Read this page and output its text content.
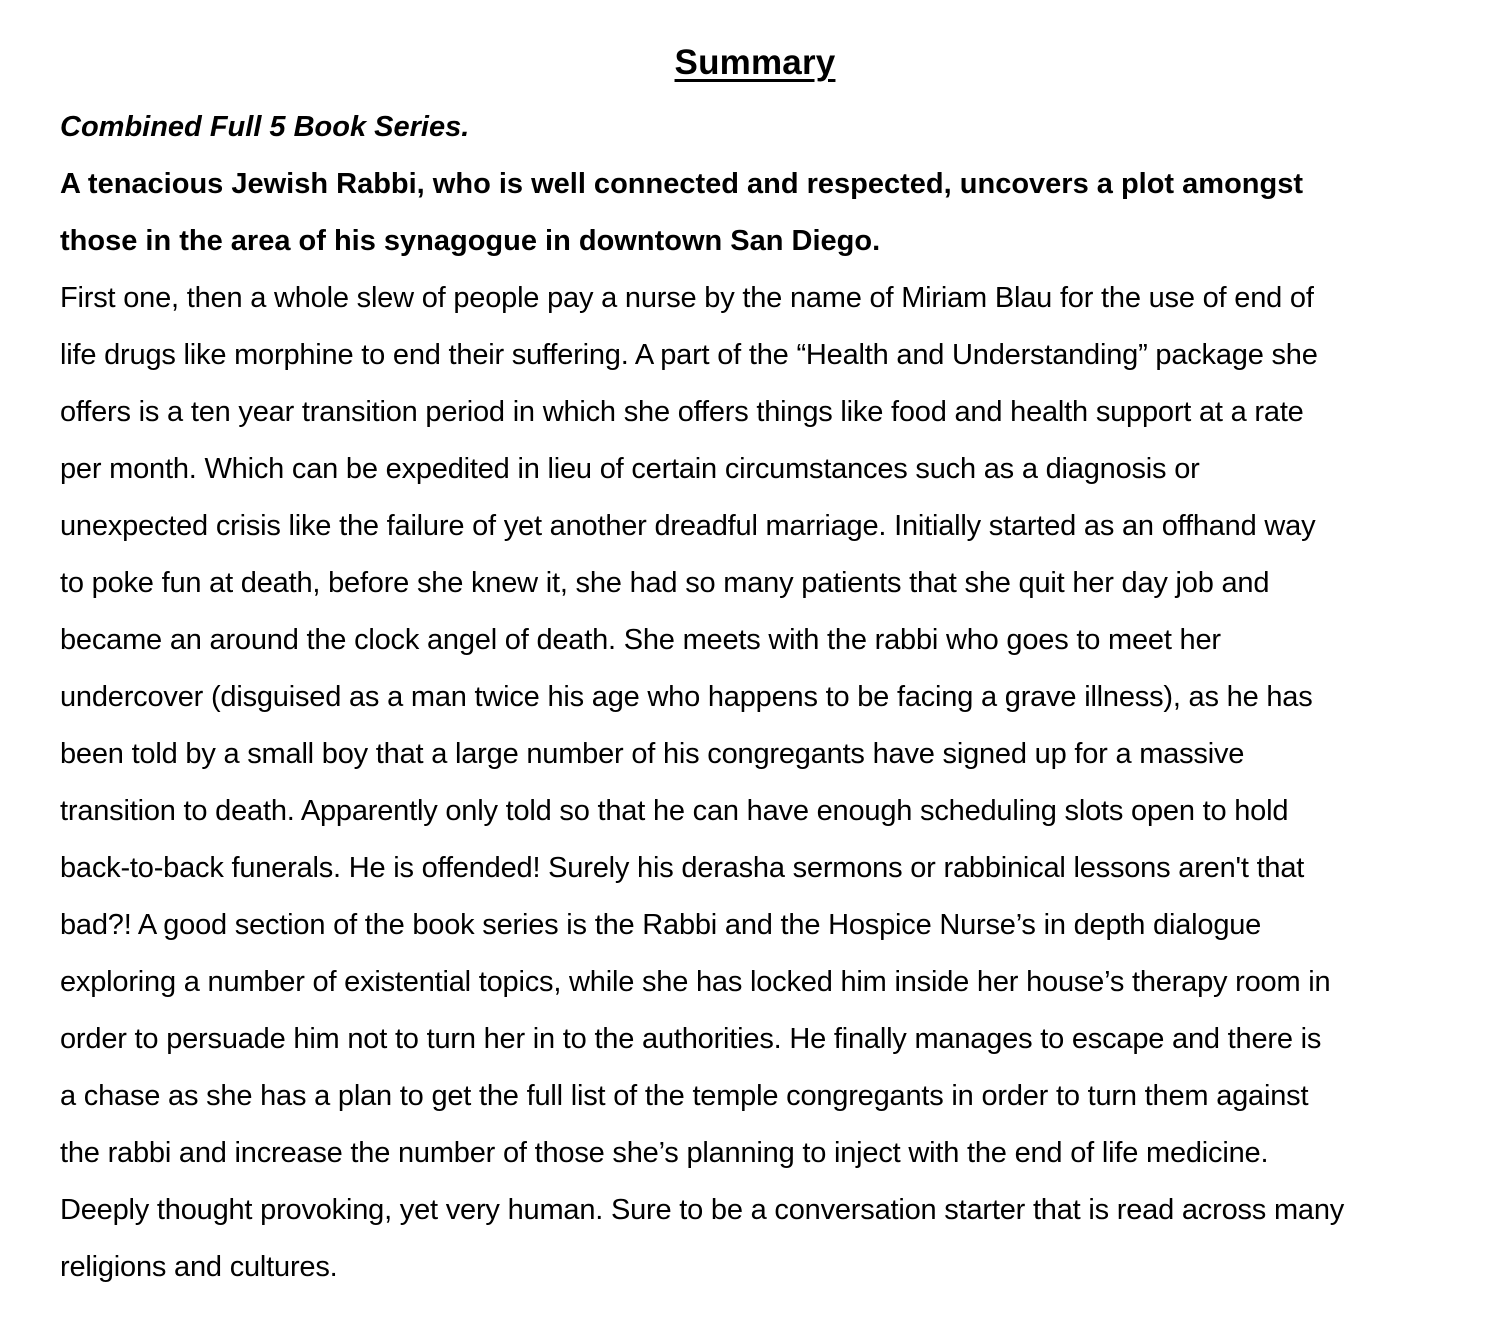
Summary
Combined Full 5 Book Series.
A tenacious Jewish Rabbi, who is well connected and respected, uncovers a plot amongst
those in the area of his synagogue in downtown San Diego.
First one, then a whole slew of people pay a nurse by the name of Miriam Blau for the use of end of
life drugs like morphine to end their suffering. A part of the “Health and Understanding” package she
offers is a ten year transition period in which she offers things like food and health support at a rate
per month. Which can be expedited in lieu of certain circumstances such as a diagnosis or
unexpected crisis like the failure of yet another dreadful marriage. Initially started as an offhand way
to poke fun at death, before she knew it, she had so many patients that she quit her day job and
became an around the clock angel of death. She meets with the rabbi who goes to meet her
undercover (disguised as a man twice his age who happens to be facing a grave illness), as he has
been told by a small boy that a large number of his congregants have signed up for a massive
transition to death. Apparently only told so that he can have enough scheduling slots open to hold
back-to-back funerals. He is offended! Surely his derasha sermons or rabbinical lessons aren't that
bad?! A good section of the book series is the Rabbi and the Hospice Nurse’s in depth dialogue
exploring a number of existential topics, while she has locked him inside her house’s therapy room in
order to persuade him not to turn her in to the authorities. He finally manages to escape and there is
a chase as she has a plan to get the full list of the temple congregants in order to turn them against
the rabbi and increase the number of those she’s planning to inject with the end of life medicine.
Deeply thought provoking, yet very human. Sure to be a conversation starter that is read across many
religions and cultures.
